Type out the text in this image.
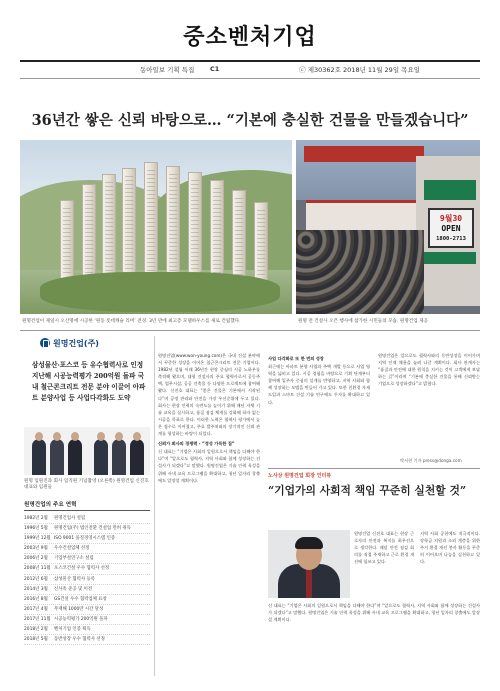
중소벤처기업
동아일보 기획 특집 C1	ⓒ 제30362호 2018년 11월 29일 목요일
36년간 쌓은 신뢰 바탕으로… “기본에 충실한 건물을 만들겠습니다”
9월30
OPEN
1800-2713
원명건업이 제일시 오산명에 시공한 ‘원동 롯데캐슬 리버’ 전경. 3년 만에 최고층 모델하우스를 새로 건립했다.	원명 전 건설사 오픈 행사에 참가한 시민들의 모습. 원명건업 제공
원명건업(주)
삼성물산·포스코 등 유수협력사로 인정 지난해 시공능력평가 200억원 돌파 국내 철근콘크리트 전문 분야 이끌어 아파트 분양사업 등 사업다각화도 도약
원명 임원진과 회사 임직원 기념촬영 (오른쪽) 원명건업 신진호 대표와 임원들
원명건업의 주요 연혁
1982년 2월	원명건업사 설립
1996년 5월	원명건업(주) 법인전환 건설업 면허 취득
1999년 12월 ISO 9001 품질경영시스템 인증
2003년 9월	우수건설업체 선정
2006년 2월	기업부설연구소 설립
2008년 11월 포스코건설 우수 협력사 선정
2012년 6월	삼성물산 협력사 등록
2014년 3월	신사옥 준공 및 이전
2016년 8월	GS건설 우수 협력업체 표창
2017년 4월	무재해 1000만 시간 달성
2017년 11월 시공능력평가 200억원 돌파
2018년 2월	벤처기업 인증 획득
2018년 5월	동반성장 우수 협력사 선정
원명건업(www.won-young.com)은 국내 건설 분야에서 꾸준한 성장을 이어온 철근콘크리트 전문 기업이다. 1982년 설립 이래 36년간 현장 중심의 시공 노하우를 축적해 왔으며, 대형 건설사의 주요 협력사로서 공동주택, 업무시설, 공공 건축물 등 다양한 프로젝트에 참여해 왔다. 신진호 대표는 “좋은 건물은 기본에서 시작된다”며 공정 관리와 안전을 가장 우선순위에 두고 있다. 회사는 현장 인력의 숙련도를 높이기 위해 매년 자체 기술 교육을 실시하고, 품질 점검 체계를 강화해 하자 없는 시공을 목표로 한다. 이러한 노력은 협력사 평가에서 높은 점수로 이어졌고, 주요 발주처와의 장기적인 신뢰 관계를 형성하는 바탕이 되었다.
신뢰가 회사의 경쟁력 - “정성 가득한 집”
신 대표는 “기업은 사회의 일원으로서 책임을 다해야 한다”며 “앞으로도 협력사, 지역 사회와 함께 성장하는 건설사가 되겠다”고 말했다. 원명건업은 기술 인력 육성을 위해 사내 교육 프로그램을 확대하고, 청년 일자리 창출에도 앞장설 계획이다.
사업 다각화로 또 한 번의 성장
최근에는 아파트 분양 사업과 주택 개발 등으로 사업 영역을 넓히고 있다. 시공 경험을 바탕으로 기획 단계부터 참여해 입주자 중심의 설계를 반영하고, 지역 사회와 함께 성장하는 모델을 만들어 가고 있다. 또한 친환경 자재 도입과 스마트 건설 기술 연구에도 투자를 확대하고 있다.
원명건업은 앞으로도 협력사와의 동반성장을 이어가며 지역 인재 채용을 늘려 나갈 계획이다. 회사 관계자는 “품질과 안전에 대한 원칙을 지키는 것이 고객에게 보답하는 길”이라며 “기본에 충실한 건물을 통해 신뢰받는 기업으로 성장하겠다”고 밝혔다.
박서현 기자 press@donga.com
노사상 원명건업 회장 인터뷰
“기업가의 사회적 책임 꾸준히 실천할 것”
원명건업 신진호 대표는 현장 근로자의 안전과 복지를 최우선으로 생각한다. 매달 안전 점검 회의를 직접 주재하고 근로 환경 개선에 힘쓰고 있다.
지역 사회 공헌에도 적극적이다. 장학금 지원과 소외 계층을 위한 주거 환경 개선 봉사 활동을 꾸준히 이어오며 나눔을 실천하고 있다.
신 대표는 “기업은 사회의 일원으로서 책임을 다해야 한다”며 “앞으로도 협력사, 지역 사회와 함께 성장하는 건설사가 되겠다”고 말했다. 원명건업은 기술 인력 육성을 위해 사내 교육 프로그램을 확대하고, 청년 일자리 창출에도 앞장설 계획이다.
